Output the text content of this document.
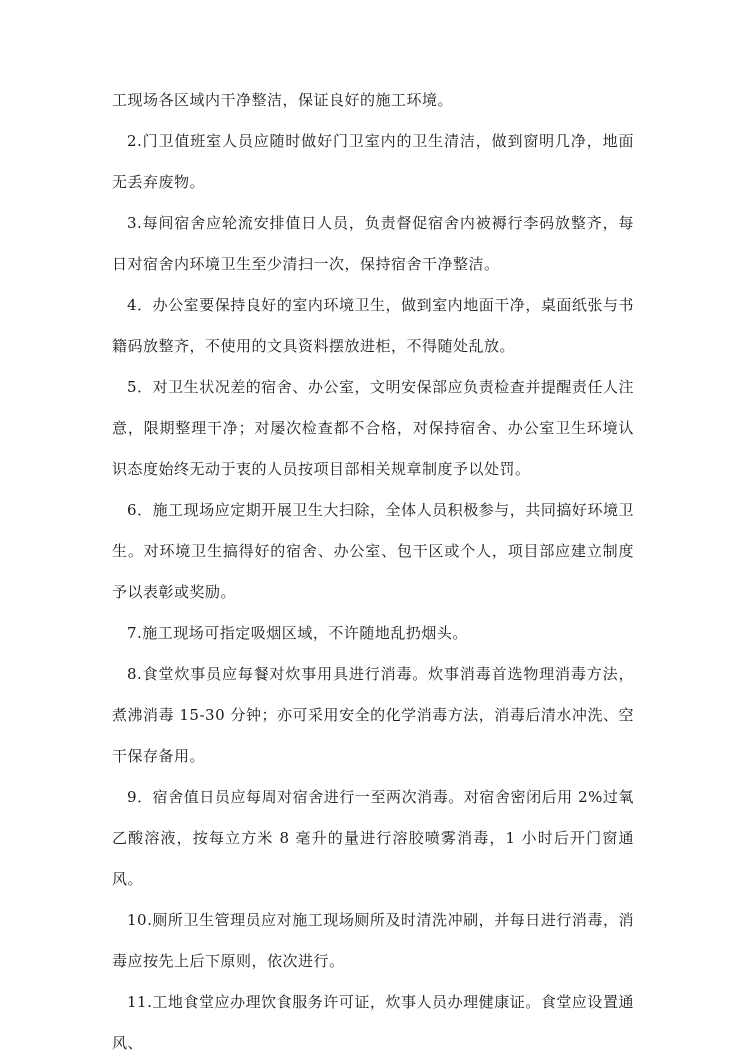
工现场各区域内干净整洁，保证良好的施工环境。

2.门卫值班室人员应随时做好门卫室内的卫生清洁，做到窗明几净，地面无丢弃废物。

3.每间宿舍应轮流安排值日人员，负责督促宿舍内被褥行李码放整齐，每日对宿舍内环境卫生至少清扫一次，保持宿舍干净整洁。

4．办公室要保持良好的室内环境卫生，做到室内地面干净，桌面纸张与书籍码放整齐，不使用的文具资料摆放进柜，不得随处乱放。

5．对卫生状况差的宿舍、办公室，文明安保部应负责检查并提醒责任人注意，限期整理干净；对屡次检查都不合格，对保持宿舍、办公室卫生环境认识态度始终无动于衷的人员按项目部相关规章制度予以处罚。

6．施工现场应定期开展卫生大扫除，全体人员积极参与，共同搞好环境卫生。对环境卫生搞得好的宿舍、办公室、包干区或个人，项目部应建立制度予以表彰或奖励。

7.施工现场可指定吸烟区域，不许随地乱扔烟头。

8.食堂炊事员应每餐对炊事用具进行消毒。炊事消毒首选物理消毒方法，煮沸消毒 15-30 分钟；亦可采用安全的化学消毒方法，消毒后清水冲洗、空干保存备用。

9．宿舍值日员应每周对宿舍进行一至两次消毒。对宿舍密闭后用 2%过氧乙酸溶液，按每立方米 8 毫升的量进行溶胶喷雾消毒，1 小时后开门窗通风。

10.厕所卫生管理员应对施工现场厕所及时清洗冲刷，并每日进行消毒，消毒应按先上后下原则，依次进行。

11.工地食堂应办理饮食服务许可证，炊事人员办理健康证。食堂应设置通风、
